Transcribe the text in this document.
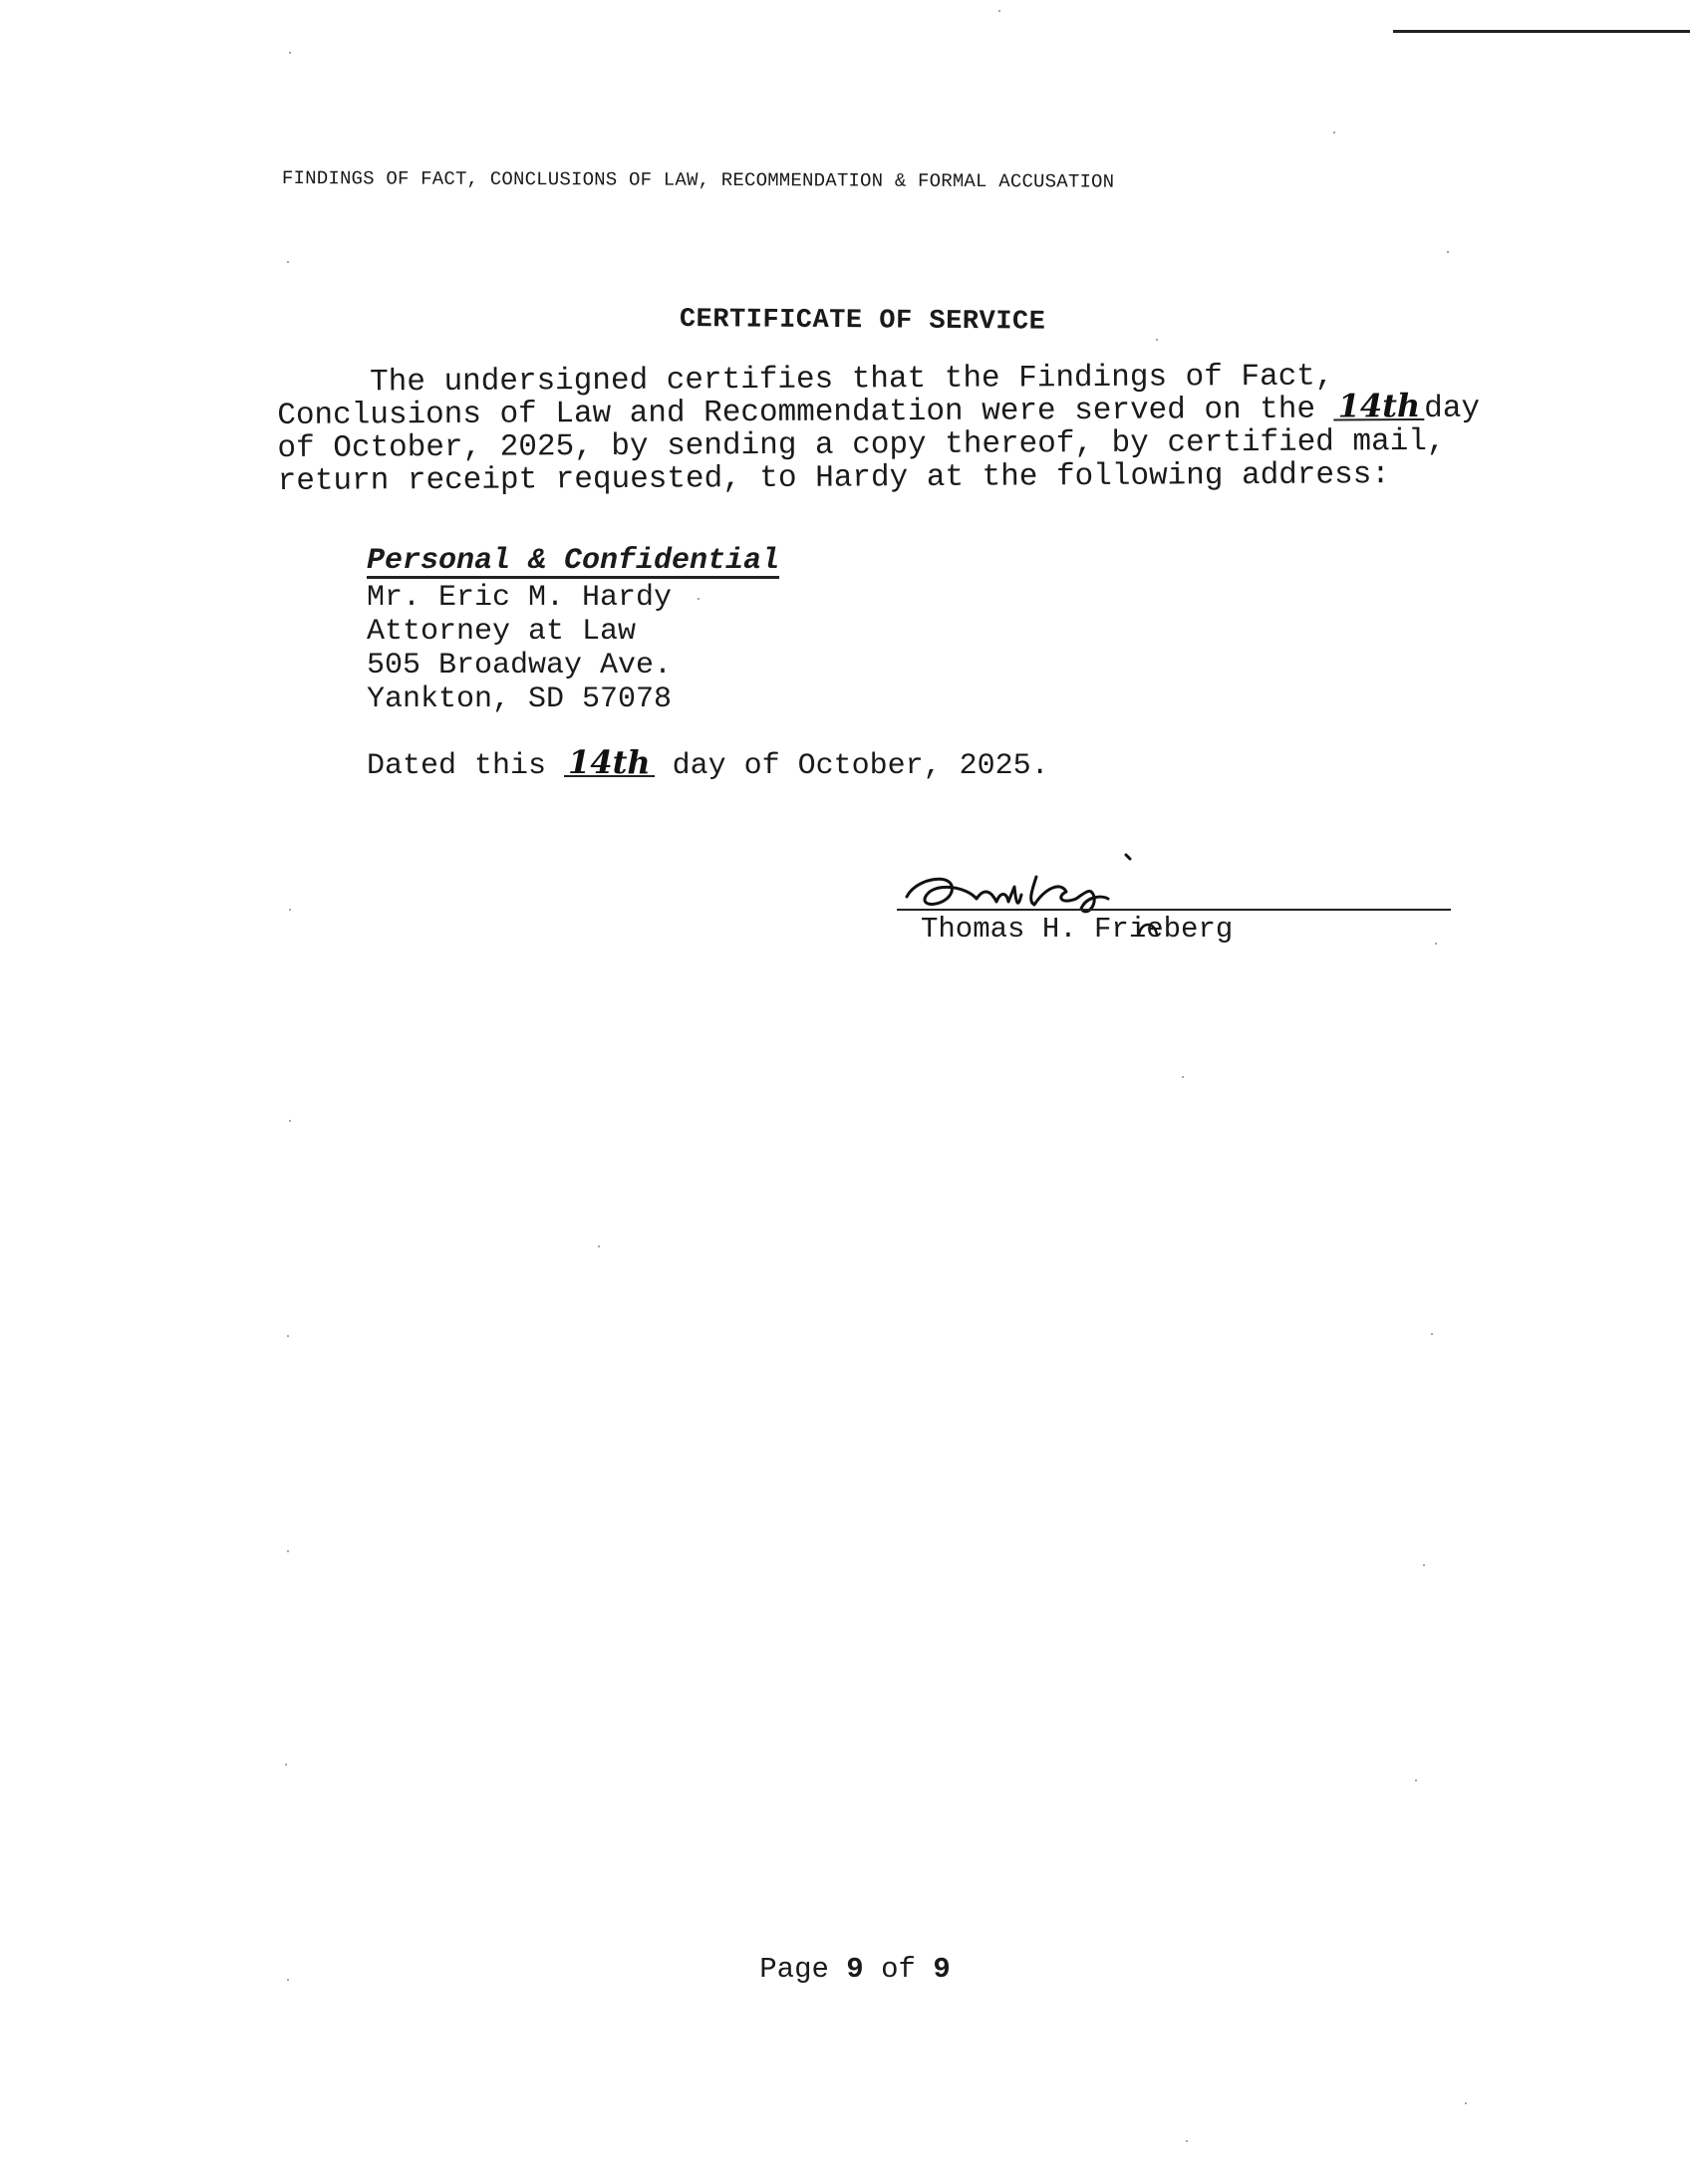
FINDINGS OF FACT, CONCLUSIONS OF LAW, RECOMMENDATION & FORMAL ACCUSATION
CERTIFICATE OF SERVICE
The undersigned certifies that the Findings of Fact,
Conclusions of Law and Recommendation were served on the 14th day
of October, 2025, by sending a copy thereof, by certified mail,
return receipt requested, to Hardy at the following address:
Personal & Confidential
Mr. Eric M. Hardy
Attorney at Law
505 Broadway Ave.
Yankton, SD 57078
Dated this 14th day of October, 2025.
Thomas H. Frieberg
Page 9 of 9
